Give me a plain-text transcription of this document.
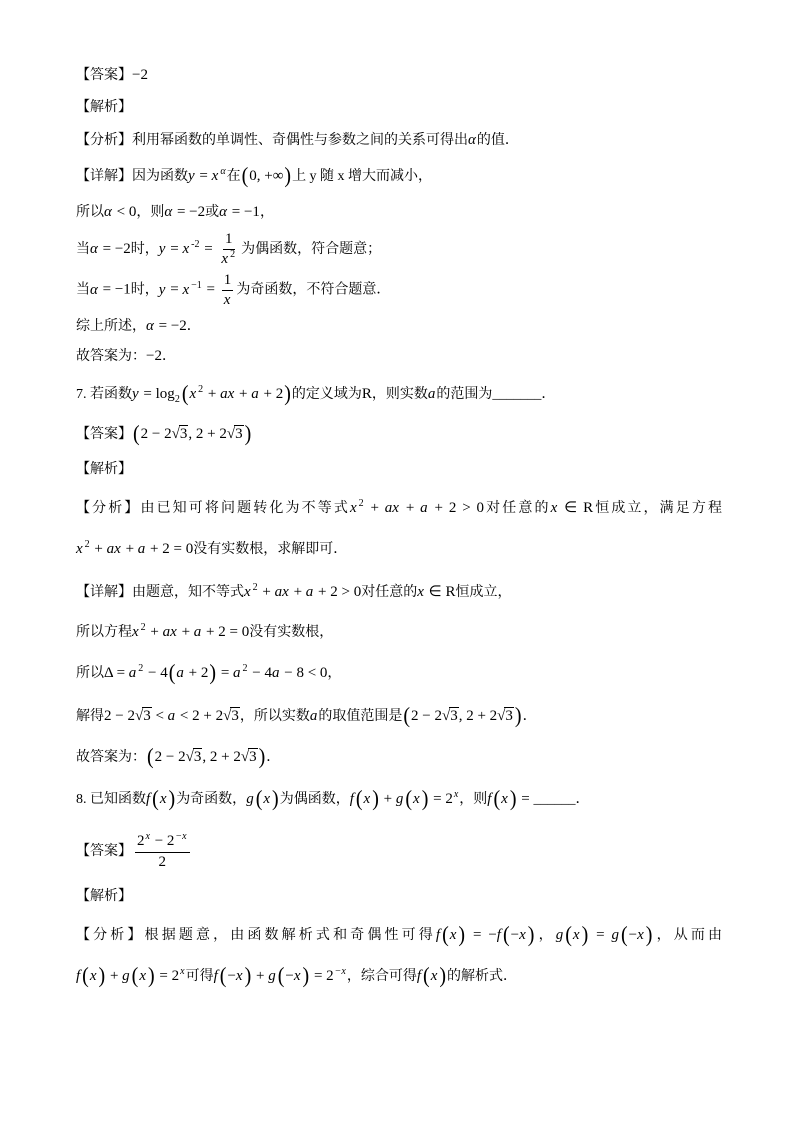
【答案】−2
【解析】
【分析】利用幂函数的单调性、奇偶性与参数之间的关系可得出α的值．
【详解】因为函数y = x $^\alpha$在(0, +∞)上 y 随 x 增大而减小，
所以α < 0，则α = −2或α = −1，
当α = −2时，y = x $^{-2} = \frac{1}{x ^2}$ 为偶函数，符合题意；
当α = −1时，y = x $^{-1} = \frac{1}{x}$ 为奇函数，不符合题意．
综上所述，α = −2．
故答案为：−2．
7. 若函数$y = \log_2 (x$ $^2$ + ax + a + 2)的定义域为R，则实数a的范围为_______．
【答案】(2 − 2√3, 2 + 2√3 )
【解析】
【分析】由已知可将问题转化为不等式x $^2$ + ax + a + 2 > 0对任意的x ∈ R恒成立，满足方程
x $^2$ + ax + a + 2 = 0没有实数根，求解即可．
【详解】由题意，知不等式x $^2$ + ax + a + 2 > 0对任意的x ∈ R恒成立，
所以方程x $^2$ + ax + a + 2 = 0没有实数根，
所以Δ = a $^2$ − 4(a + 2) = a $^2$ − 4a − 8 < 0，
解得2 − 2√3 < a < 2 + 2√3，所以实数a的取值范围是(2 − 2√3, 2 + 2√3 )．
故答案为：(2 − 2√3, 2 + 2√3 )．
8. 已知函数f (x )为奇函数，g (x )为偶函数，f (x ) + g (x ) = $2^x$，则f (x ) = ______．
【答案】 $\frac{2^x - 2^{-x}}{2}$
【解析】
【分析】根据题意，由函数解析式和奇偶性可得f (x ) = −f (−x )，g (x ) = g (−x )，从而由
f (x ) + g (x ) = $2^x$可得f (−x ) + g (−x ) = $2^{-x}$，综合可得f (x )的解析式．
